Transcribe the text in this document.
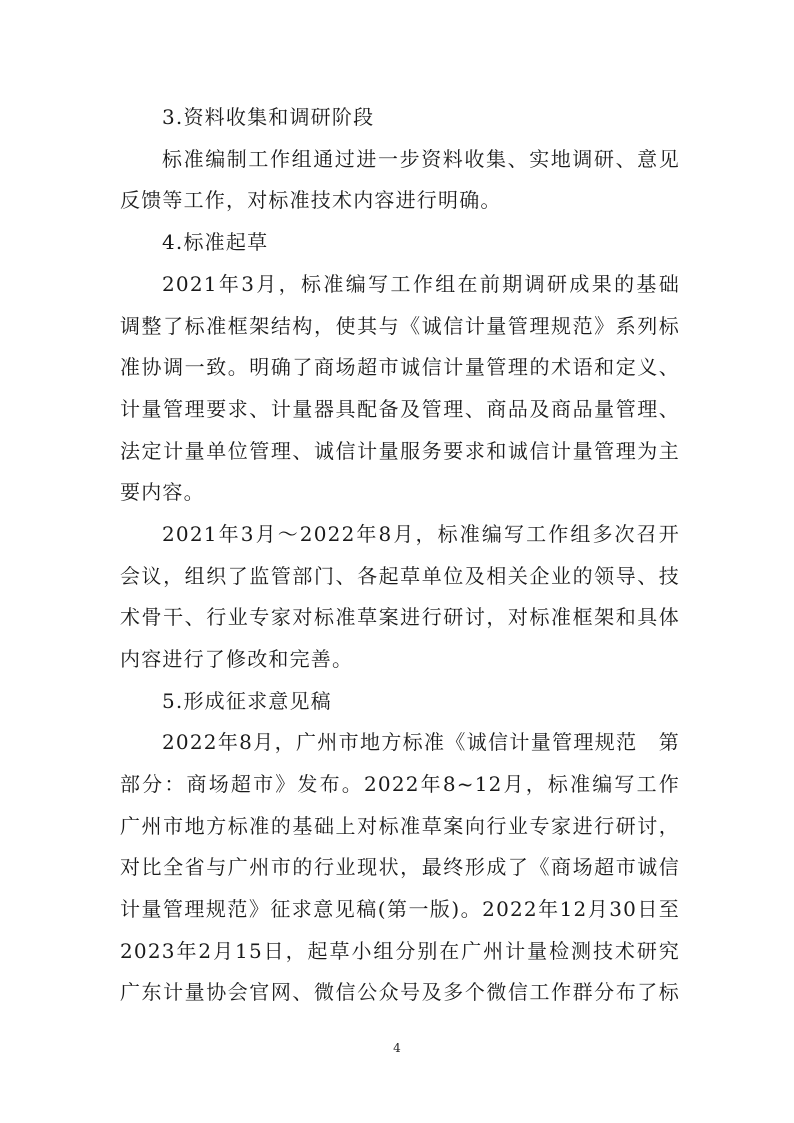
3.资料收集和调研阶段
标准编制工作组通过进一步资料收集、实地调研、意见
反馈等工作，对标准技术内容进行明确。
4.标准起草
2021年3月，标准编写工作组在前期调研成果的基础
调整了标准框架结构，使其与《诚信计量管理规范》系列标
准协调一致。明确了商场超市诚信计量管理的术语和定义、
计量管理要求、计量器具配备及管理、商品及商品量管理、
法定计量单位管理、诚信计量服务要求和诚信计量管理为主
要内容。
2021年3月～2022年8月，标准编写工作组多次召开
会议，组织了监管部门、各起草单位及相关企业的领导、技
术骨干、行业专家对标准草案进行研讨，对标准框架和具体
内容进行了修改和完善。
5.形成征求意见稿
2022年8月，广州市地方标准《诚信计量管理规范　第
部分：商场超市》发布。2022年8~12月，标准编写工作
广州市地方标准的基础上对标准草案向行业专家进行研讨，
对比全省与广州市的行业现状，最终形成了《商场超市诚信
计量管理规范》征求意见稿(第一版)。2022年12月30日至
2023年2月15日，起草小组分别在广州计量检测技术研究
广东计量协会官网、微信公众号及多个微信工作群分布了标
4
